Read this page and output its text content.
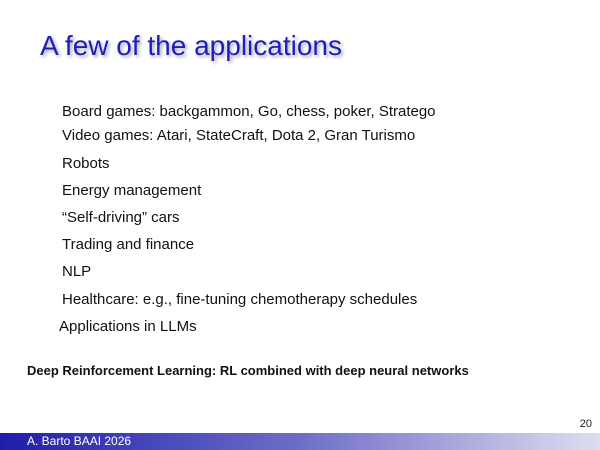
A few of the applications
Board games: backgammon, Go, chess, poker, Stratego
Video games: Atari, StateCraft, Dota 2, Gran Turismo
Robots
Energy management
“Self-driving” cars
Trading and finance
NLP
Healthcare: e.g., fine-tuning chemotherapy schedules
Applications in LLMs
Deep Reinforcement Learning: RL combined with deep neural networks
20
A. Barto BAAI 2026
